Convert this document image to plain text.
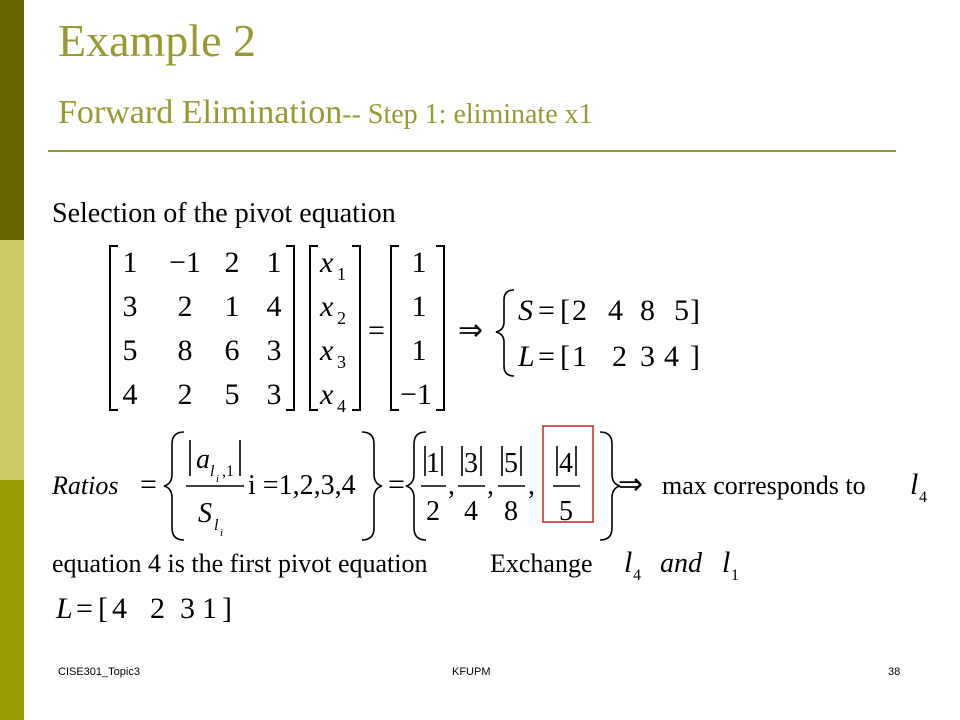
Example 2
Forward Elimination-- Step 1: eliminate x1
Selection of the pivot equation
1 −1 2 1
3 2 1 4
5 8 6 3
4 2 5 3
x
x
x
x
1
2
3
4
=
1
1
1
−1
⇒
S = [ 2 4 8 5 ]
L = [ 1 2 3 4 ]
Ratios =
a l i ,1
S l i
i =1,2,3,4 =
1
2
,
3
4
,
5
8
,
4
5
⇒ max corresponds to l 4
equation 4 is the first pivot equation Exchange l 4 and l 1
L = [ 4 2 3 1 ]
CISE301_Topic3	KFUPM	38
